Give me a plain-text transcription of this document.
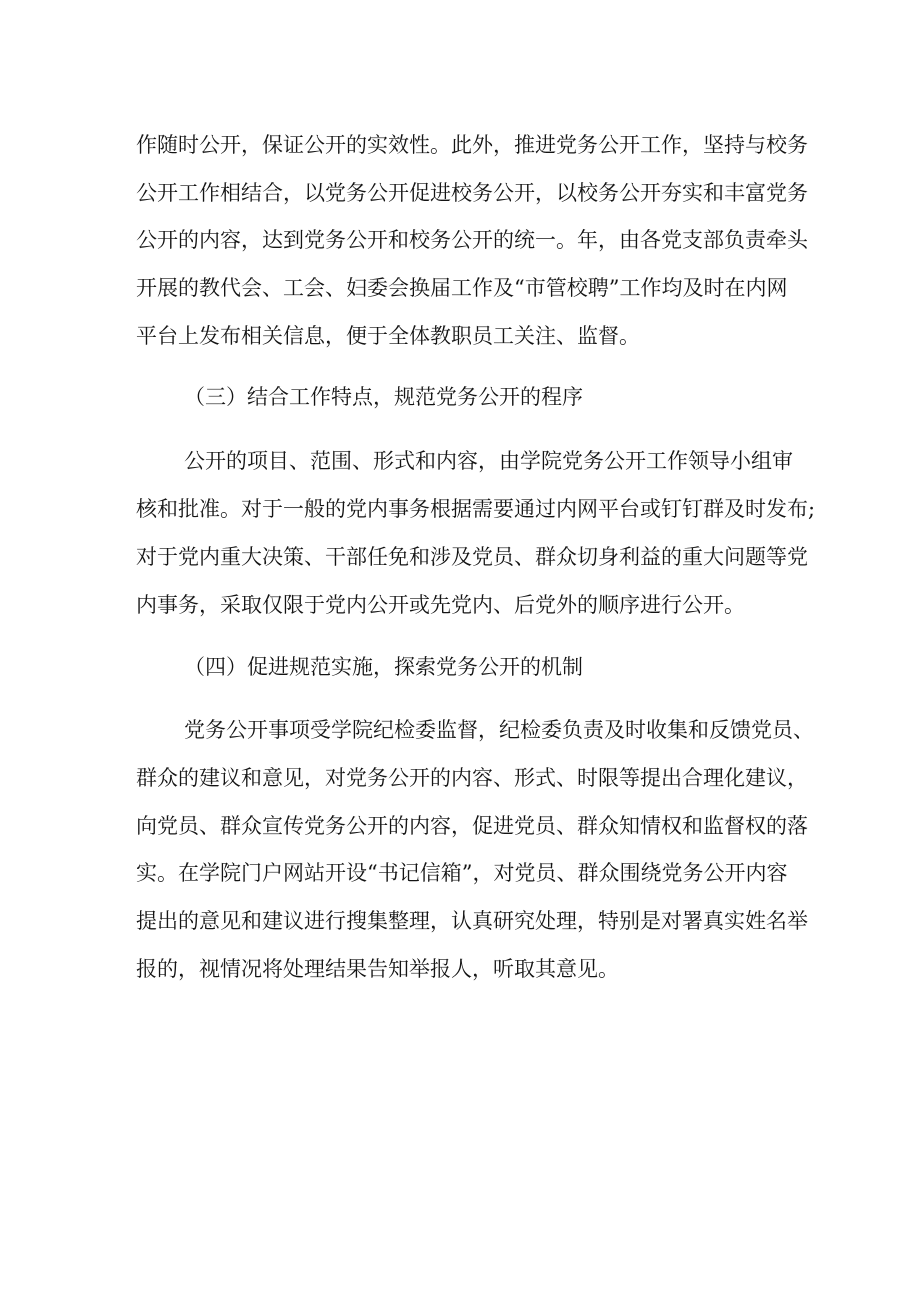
作随时公开，保证公开的实效性。此外，推进党务公开工作，坚持与校务
公开工作相结合，以党务公开促进校务公开，以校务公开夯实和丰富党务
公开的内容，达到党务公开和校务公开的统一。年，由各党支部负责牵头
开展的教代会、工会、妇委会换届工作及“市管校聘”工作均及时在内网
平台上发布相关信息，便于全体教职员工关注、监督。
（三）结合工作特点，规范党务公开的程序
公开的项目、范围、形式和内容，由学院党务公开工作领导小组审
核和批准。对于一般的党内事务根据需要通过内网平台或钉钉群及时发布;
对于党内重大决策、干部任免和涉及党员、群众切身利益的重大问题等党
内事务，采取仅限于党内公开或先党内、后党外的顺序进行公开。
（四）促进规范实施，探索党务公开的机制
党务公开事项受学院纪检委监督，纪检委负责及时收集和反馈党员、
群众的建议和意见，对党务公开的内容、形式、时限等提出合理化建议，
向党员、群众宣传党务公开的内容，促进党员、群众知情权和监督权的落
实。在学院门户网站开设“书记信箱”，对党员、群众围绕党务公开内容
提出的意见和建议进行搜集整理，认真研究处理，特别是对署真实姓名举
报的，视情况将处理结果告知举报人，听取其意见。
